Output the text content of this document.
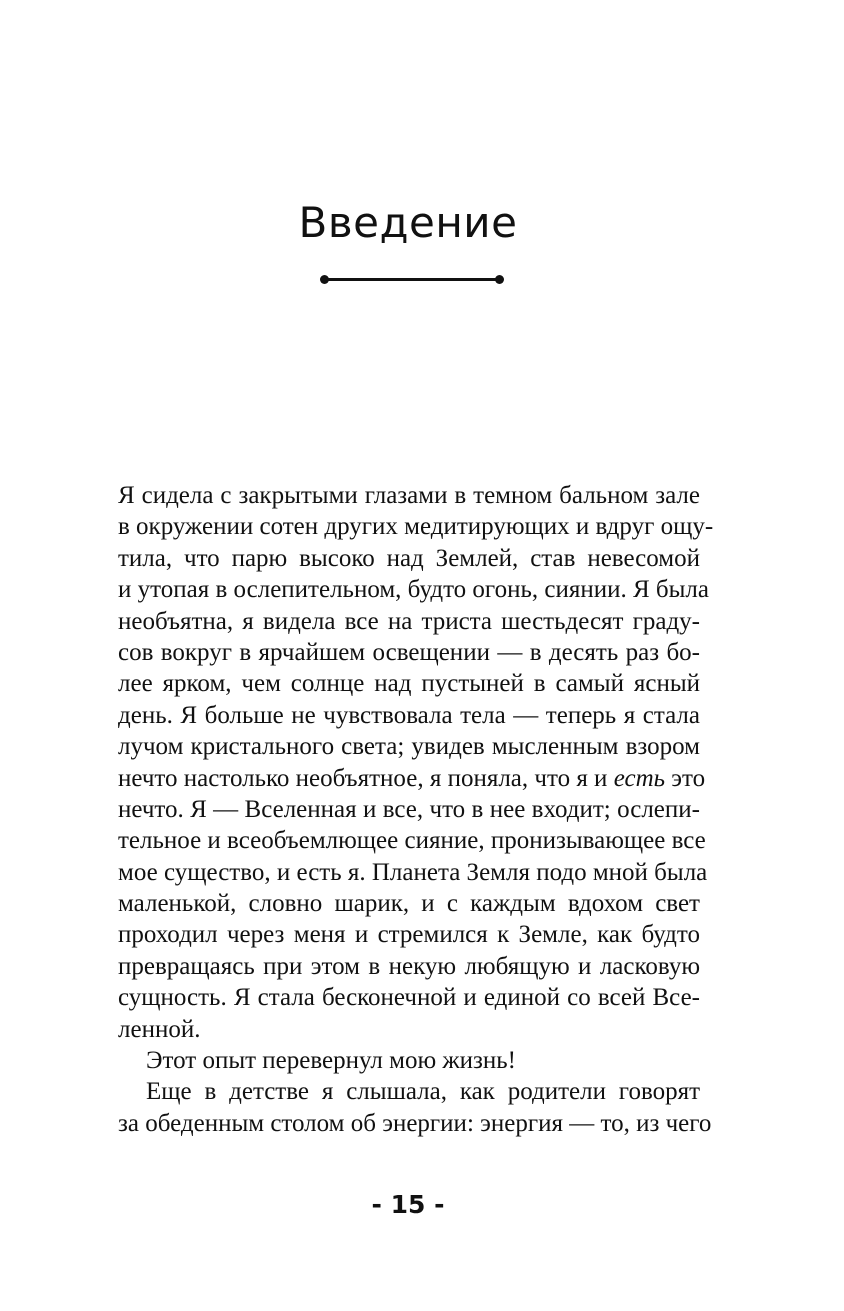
Введение
Я сидела с закрытыми глазами в темном бальном зале
в окружении сотен других медитирующих и вдруг ощу-
тила, что парю высоко над Землей, став невесомой
и утопая в ослепительном, будто огонь, сиянии. Я была
необъятна, я видела все на триста шестьдесят граду-
сов вокруг в ярчайшем освещении — в десять раз бо-
лее ярком, чем солнце над пустыней в самый ясный
день. Я больше не чувствовала тела — теперь я стала
лучом кристального света; увидев мысленным взором
нечто настолько необъятное, я поняла, что я и есть это
нечто. Я — Вселенная и все, что в нее входит; ослепи-
тельное и всеобъемлющее сияние, пронизывающее все
мое существо, и есть я. Планета Земля подо мной была
маленькой, словно шарик, и с каждым вдохом свет
проходил через меня и стремился к Земле, как будто
превращаясь при этом в некую любящую и ласковую
сущность. Я стала бесконечной и единой со всей Все-
ленной.
Этот опыт перевернул мою жизнь!
Еще в детстве я слышала, как родители говорят
за обеденным столом об энергии: энергия — то, из чего
- 15 -
